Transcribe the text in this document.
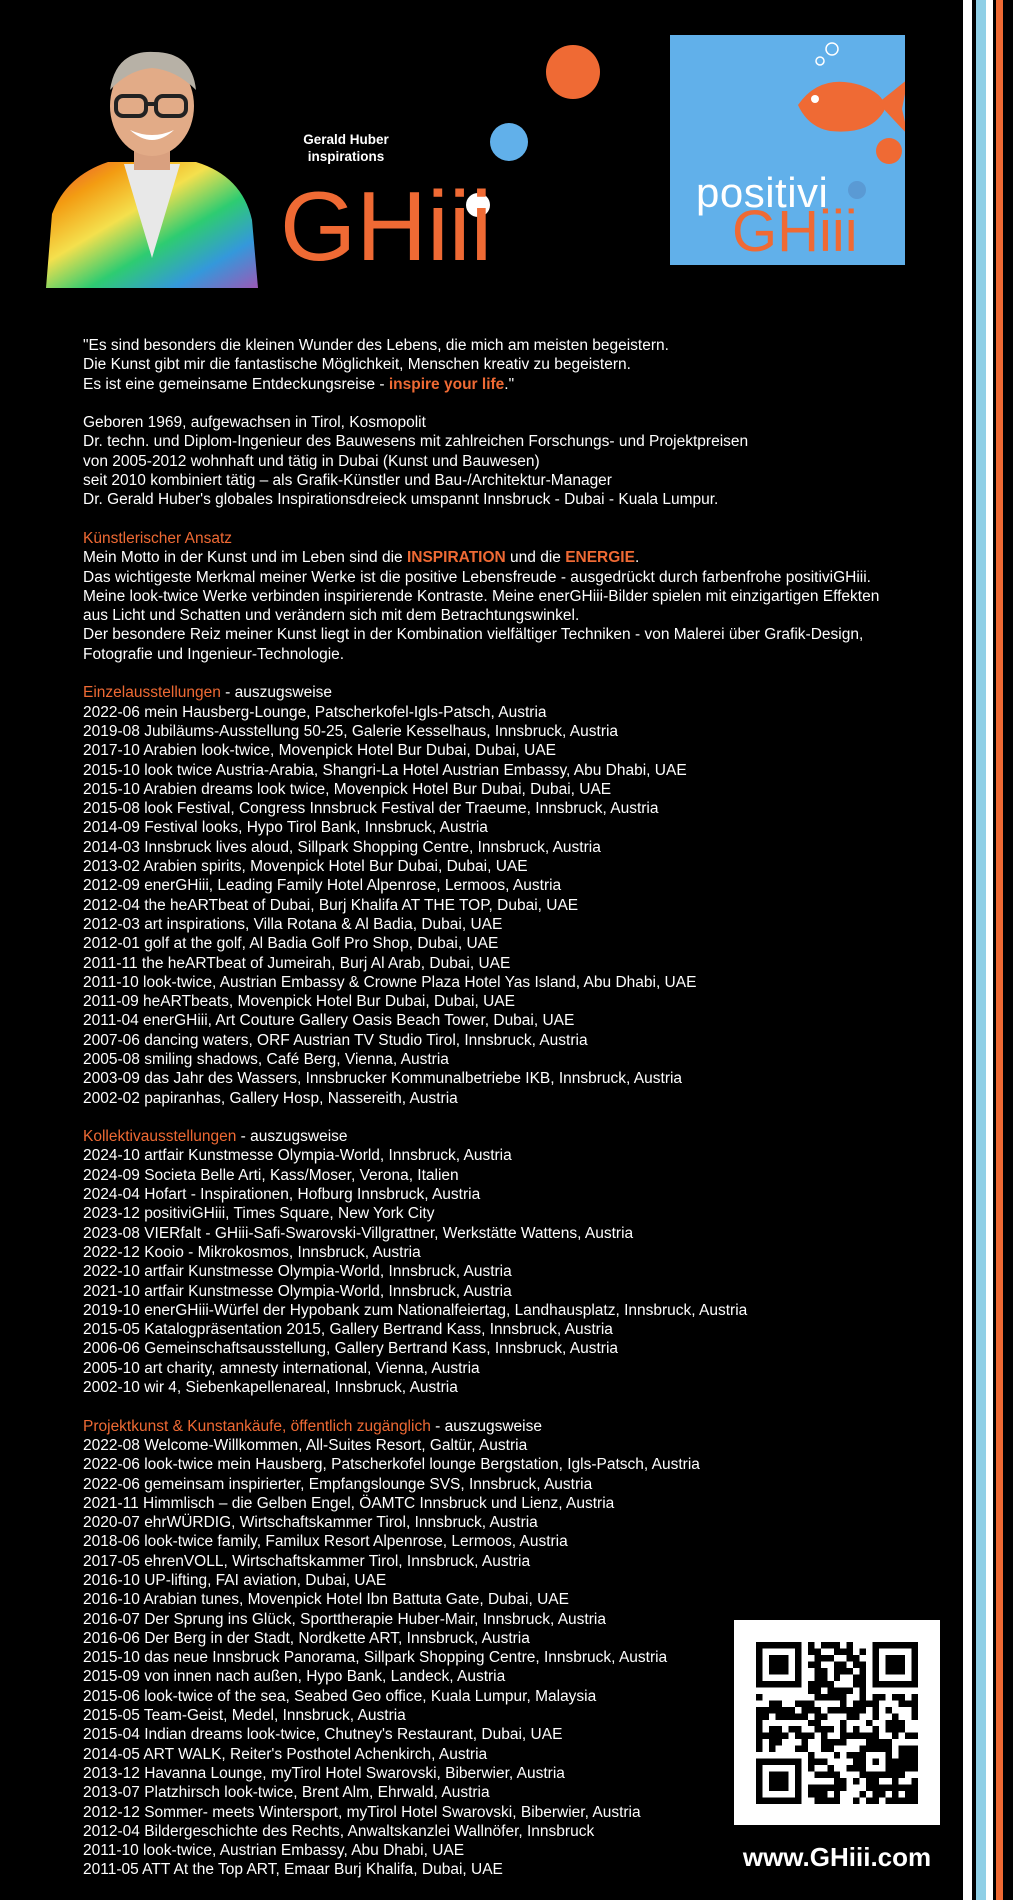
Gerald Huber
inspirations
GHiii	positivi
GHiii
"Es sind besonders die kleinen Wunder des Lebens, die mich am meisten begeistern.
Die Kunst gibt mir die fantastische Möglichkeit, Menschen kreativ zu begeistern.
Es ist eine gemeinsame Entdeckungsreise - inspire your life."
Geboren 1969, aufgewachsen in Tirol, Kosmopolit
Dr. techn. und Diplom-Ingenieur des Bauwesens mit zahlreichen Forschungs- und Projektpreisen
von 2005-2012 wohnhaft und tätig in Dubai (Kunst und Bauwesen)
seit 2010 kombiniert tätig – als Grafik-Künstler und Bau-/Architektur-Manager
Dr. Gerald Huber's globales Inspirationsdreieck umspannt Innsbruck - Dubai - Kuala Lumpur.
Künstlerischer Ansatz
Mein Motto in der Kunst und im Leben sind die INSPIRATION und die ENERGIE.
Das wichtigeste Merkmal meiner Werke ist die positive Lebensfreude - ausgedrückt durch farbenfrohe positiviGHiii.
Meine look-twice Werke verbinden inspirierende Kontraste. Meine enerGHiii-Bilder spielen mit einzigartigen Effekten
aus Licht und Schatten und verändern sich mit dem Betrachtungswinkel.
Der besondere Reiz meiner Kunst liegt in der Kombination vielfältiger Techniken - von Malerei über Grafik-Design,
Fotografie und Ingenieur-Technologie.
Einzelausstellungen - auszugsweise
2022-06 mein Hausberg-Lounge, Patscherkofel-Igls-Patsch, Austria
2019-08 Jubiläums-Ausstellung 50-25, Galerie Kesselhaus, Innsbruck, Austria
2017-10 Arabien look-twice, Movenpick Hotel Bur Dubai, Dubai, UAE
2015-10 look twice Austria-Arabia, Shangri-La Hotel Austrian Embassy, Abu Dhabi, UAE
2015-10 Arabien dreams look twice, Movenpick Hotel Bur Dubai, Dubai, UAE
2015-08 look Festival, Congress Innsbruck Festival der Traeume, Innsbruck, Austria
2014-09 Festival looks, Hypo Tirol Bank, Innsbruck, Austria
2014-03 Innsbruck lives aloud, Sillpark Shopping Centre, Innsbruck, Austria
2013-02 Arabien spirits, Movenpick Hotel Bur Dubai, Dubai, UAE
2012-09 enerGHiii, Leading Family Hotel Alpenrose, Lermoos, Austria
2012-04 the heARTbeat of Dubai, Burj Khalifa AT THE TOP, Dubai, UAE
2012-03 art inspirations, Villa Rotana & Al Badia, Dubai, UAE
2012-01 golf at the golf, Al Badia Golf Pro Shop, Dubai, UAE
2011-11 the heARTbeat of Jumeirah, Burj Al Arab, Dubai, UAE
2011-10 look-twice, Austrian Embassy & Crowne Plaza Hotel Yas Island, Abu Dhabi, UAE
2011-09 heARTbeats, Movenpick Hotel Bur Dubai, Dubai, UAE
2011-04 enerGHiii, Art Couture Gallery Oasis Beach Tower, Dubai, UAE
2007-06 dancing waters, ORF Austrian TV Studio Tirol, Innsbruck, Austria
2005-08 smiling shadows, Café Berg, Vienna, Austria
2003-09 das Jahr des Wassers, Innsbrucker Kommunalbetriebe IKB, Innsbruck, Austria
2002-02 papiranhas, Gallery Hosp, Nassereith, Austria
Kollektivausstellungen - auszugsweise
2024-10 artfair Kunstmesse Olympia-World, Innsbruck, Austria
2024-09 Societa Belle Arti, Kass/Moser, Verona, Italien
2024-04 Hofart - Inspirationen, Hofburg Innsbruck, Austria
2023-12 positiviGHiii, Times Square, New York City
2023-08 VIERfalt - GHiii-Safi-Swarovski-Villgrattner, Werkstätte Wattens, Austria
2022-12 Kooio - Mikrokosmos, Innsbruck, Austria
2022-10 artfair Kunstmesse Olympia-World, Innsbruck, Austria
2021-10 artfair Kunstmesse Olympia-World, Innsbruck, Austria
2019-10 enerGHiii-Würfel der Hypobank zum Nationalfeiertag, Landhausplatz, Innsbruck, Austria
2015-05 Katalogpräsentation 2015, Gallery Bertrand Kass, Innsbruck, Austria
2006-06 Gemeinschaftsausstellung, Gallery Bertrand Kass, Innsbruck, Austria
2005-10 art charity, amnesty international, Vienna, Austria
2002-10 wir 4, Siebenkapellenareal, Innsbruck, Austria
Projektkunst & Kunstankäufe, öffentlich zugänglich - auszugsweise
2022-08 Welcome-Willkommen, All-Suites Resort, Galtür, Austria
2022-06 look-twice mein Hausberg, Patscherkofel lounge Bergstation, Igls-Patsch, Austria
2022-06 gemeinsam inspirierter, Empfangslounge SVS, Innsbruck, Austria
2021-11 Himmlisch – die Gelben Engel, ÖAMTC Innsbruck und Lienz, Austria
2020-07 ehrWÜRDIG, Wirtschaftskammer Tirol, Innsbruck, Austria
2018-06 look-twice family, Familux Resort Alpenrose, Lermoos, Austria
2017-05 ehrenVOLL, Wirtschaftskammer Tirol, Innsbruck, Austria
2016-10 UP-lifting, FAI aviation, Dubai, UAE
2016-10 Arabian tunes, Movenpick Hotel Ibn Battuta Gate, Dubai, UAE
2016-07 Der Sprung ins Glück, Sporttherapie Huber-Mair, Innsbruck, Austria
2016-06 Der Berg in der Stadt, Nordkette ART, Innsbruck, Austria
2015-10 das neue Innsbruck Panorama, Sillpark Shopping Centre, Innsbruck, Austria
2015-09 von innen nach außen, Hypo Bank, Landeck, Austria
2015-06 look-twice of the sea, Seabed Geo office, Kuala Lumpur, Malaysia
2015-05 Team-Geist, Medel, Innsbruck, Austria
2015-04 Indian dreams look-twice, Chutney's Restaurant, Dubai, UAE
2014-05 ART WALK, Reiter's Posthotel Achenkirch, Austria
2013-12 Havanna Lounge, myTirol Hotel Swarovski, Biberwier, Austria
2013-07 Platzhirsch look-twice, Brent Alm, Ehrwald, Austria
2012-12 Sommer- meets Wintersport, myTirol Hotel Swarovski, Biberwier, Austria
2012-04 Bildergeschichte des Rechts, Anwaltskanzlei Wallnöfer, Innsbruck
2011-10 look-twice, Austrian Embassy, Abu Dhabi, UAE
2011-05 ATT At the Top ART, Emaar Burj Khalifa, Dubai, UAE	www.GHiii.com
